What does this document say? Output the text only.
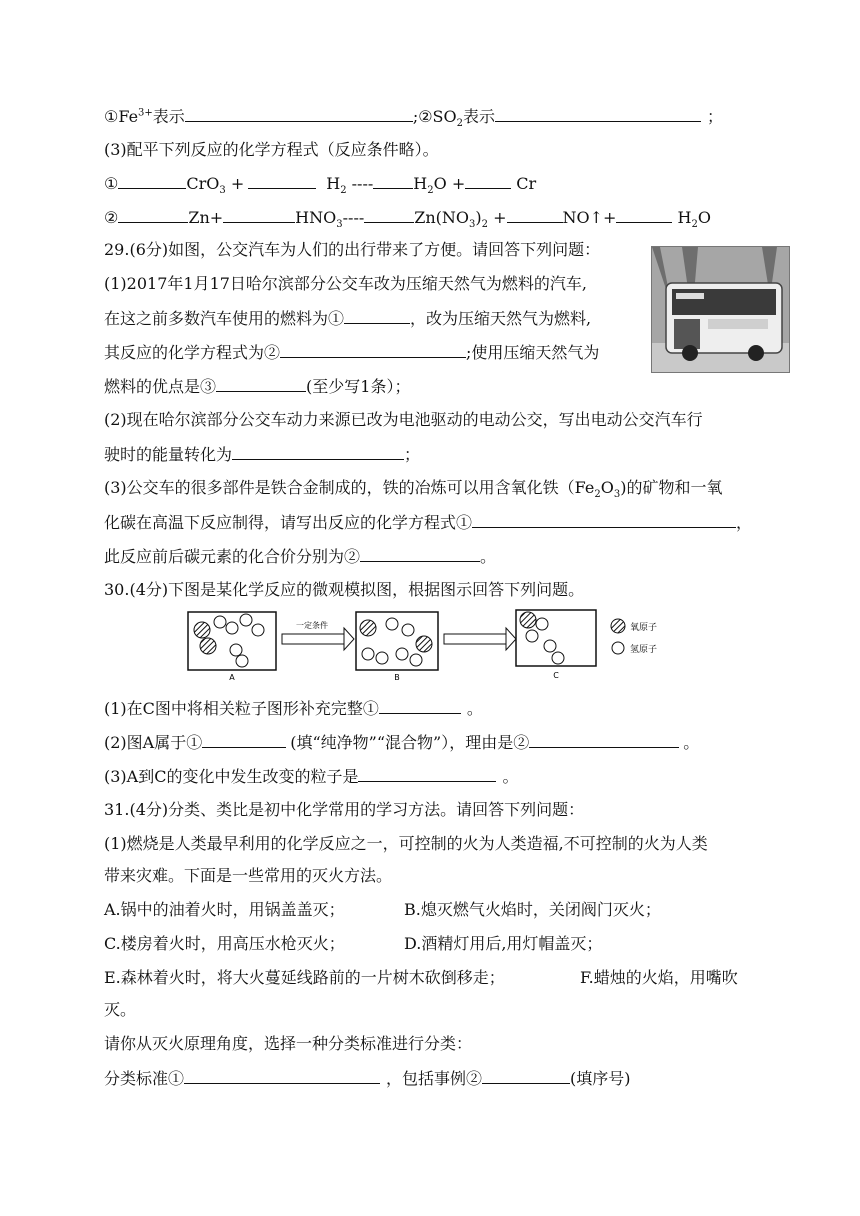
$①Fe^{3+}$表示	$;②SO_2$表示	；
(3)配平下列反应的化学方程式（反应条件略）。
①	CrO$_3$ +	$H_2$ ----	$H_2O$ +	Cr
②	Zn+	$HNO_3----$	$Zn(NO_3)_2$ +	NO↑+	$H_2O$
29.(6分)如图，公交汽车为人们的出行带来了方便。请回答下列问题：
(1)2017年1月17日哈尔滨部分公交车改为压缩天然气为燃料的汽车,
在这之前多数汽车使用的燃料为①	，改为压缩天然气为燃料,
其反应的化学方程式为②	;使用压缩天然气为
燃料的优点是③	(至少写1条）；
(2)现在哈尔滨部分公交车动力来源已改为电池驱动的电动公交，写出电动公交汽车行
驶时的能量转化为	；
(3)公交车的很多部件是铁合金制成的，铁的冶炼可以用含氧化铁$(Fe_2O_3)$的矿物和一氧
化碳在高温下反应制得，请写出反应的化学方程式①	，
此反应前后碳元素的化合价分别为②	。
30.(4分)下图是某化学反应的微观模拟图，根据图示回答下列问题。
A
一定条件
B	C
氧原子
氢原子
(1)在C图中将相关粒子图形补充完整①	。
(2)图A属于①	(填“纯净物”“混合物”），理由是②	。
(3)A到C的变化中发生改变的粒子是	。
31.(4分)分类、类比是初中化学常用的学习方法。请回答下列问题：
(1)燃烧是人类最早利用的化学反应之一，可控制的火为人类造福,不可控制的火为人类
带来灾难。下面是一些常用的灭火方法。
A.锅中的油着火时，用锅盖盖灭；	B.熄灭燃气火焰时，关闭阀门灭火；
C.楼房着火时，用高压水枪灭火；	D.酒精灯用后,用灯帽盖灭；
E.森林着火时，将大火蔓延线路前的一片树木砍倒移走；	F.蜡烛的火焰，用嘴吹
灭。
请你从灭火原理角度，选择一种分类标准进行分类：
分类标准①	，包括事例②	(填序号)
